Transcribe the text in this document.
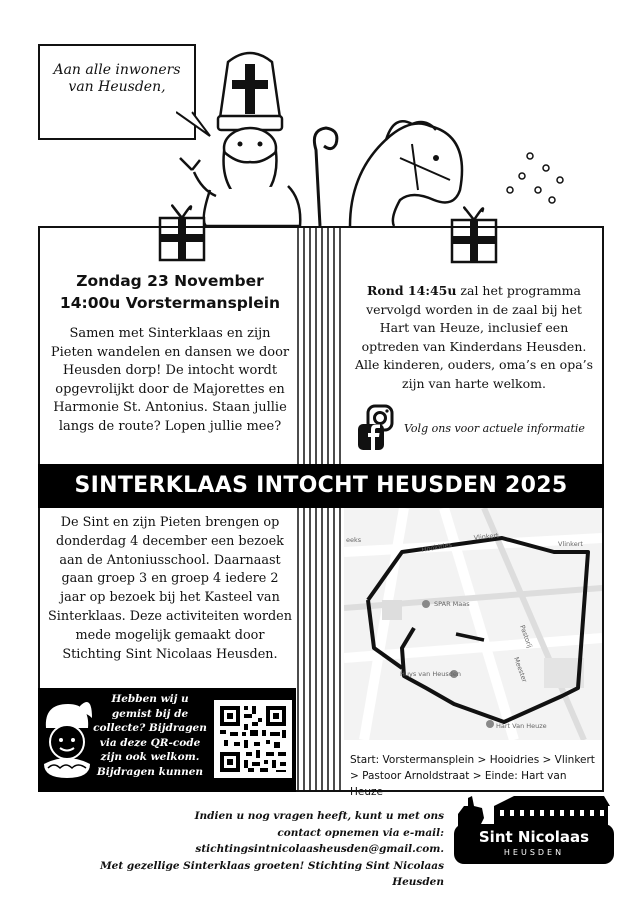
Aan alle inwoners van Heusden,
Zondag 23 November
14:00u Vorstermansplein
Samen met Sinterklaas en zijn Pieten wandelen en dansen we door Heusden dorp! De intocht wordt opgevrolijkt door de Majorettes en Harmonie St. Antonius. Staan jullie langs de route? Lopen jullie mee?
Rond 14:45u zal het programma vervolgd worden in de zaal bij het Hart van Heuze, inclusief een optreden van Kinderdans Heusden. Alle kinderen, ouders, oma’s en opa’s zijn van harte welkom.
Volg ons voor actuele informatie
SINTERKLAAS INTOCHT HEUSDEN 2025
De Sint en zijn Pieten brengen op donderdag 4 december een bezoek aan de Antoniusschool. Daarnaast gaan groep 3 en groep 4 iedere 2 jaar op bezoek bij het Kasteel van Sinterklaas. Deze activiteiten worden mede mogelijk gemaakt door Stichting Sint Nicolaas Heusden.
Hebben wij u gemist bij de collecte? Bijdragen via deze QR-code zijn ook welkom. Bijdragen kunnen
Hooidries
Vlinkert
Vlinkert
SPAR Maas
Pastorij
Meester
Huys van Heusden
Hart Van Heuze
eeks
Start: Vorstermansplein > Hooidries > Vlinkert > Pastoor Arnoldstraat > Einde: Hart van Heuze
Indien u nog vragen heeft, kunt u met ons
contact opnemen via e-mail: stichtingsintnicolaasheusden@gmail.com.
Met gezellige Sinterklaas groeten! Stichting Sint Nicolaas Heusden
Sint Nicolaas
HEUSDEN
